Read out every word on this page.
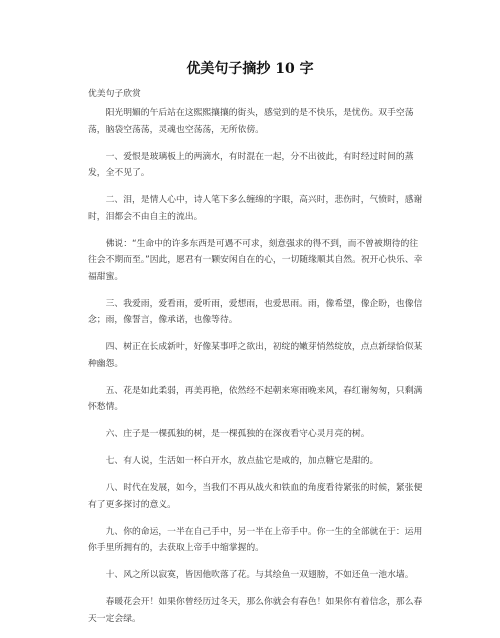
优美句子摘抄 10 字
优美句子欣赏

阳光明媚的午后站在这熙熙攘攘的街头，感觉到的是不快乐，是忧伤。双手空荡荡，脑袋空荡荡，灵魂也空荡荡，无所依傍。

一、爱恨是玻璃板上的两滴水，有时混在一起，分不出彼此，有时经过时间的蒸发，全不见了。

二、泪，是情人心中，诗人笔下多么缠绵的字眼，高兴时，悲伤时，气愤时，感谢时，泪都会不由自主的流出。

佛说：“生命中的许多东西是可遇不可求，刻意强求的得不到，而不曾被期待的往往会不期而至。”因此，愿君有一颗安闲自在的心，一切随缘顺其自然。祝开心快乐、幸福甜蜜。

三、我爱雨，爱看雨，爱听雨，爱想雨，也爱思雨。雨，像希望，像企盼，也像信念；雨，像誓言，像承诺，也像等待。

四、树正在长成新叶，好像某事呼之欲出，初绽的嫩芽悄然绽放，点点新绿恰似某种幽怨。

五、花是如此柔弱，再美再艳，依然经不起朝来寒雨晚来风，春红谢匆匆，只剩满怀愁情。

六、庄子是一棵孤独的树，是一棵孤独的在深夜看守心灵月亮的树。

七、有人说，生活如一杯白开水，放点盐它是咸的，加点糖它是甜的。

八、时代在发展，如今，当我们不再从战火和铁血的角度看待紧张的时候，紧张便有了更多探讨的意义。

九、你的命运，一半在自己手中，另一半在上帝手中。你一生的全部就在于：运用你手里所拥有的，去获取上帝手中缩掌握的。

十、风之所以寂寞，皆因他吹落了花。与其绘鱼一双翅膀，不如还鱼一池水墙。

春暖花会开！如果你曾经历过冬天，那么你就会有春色！如果你有着信念，那么春天一定会绿。
